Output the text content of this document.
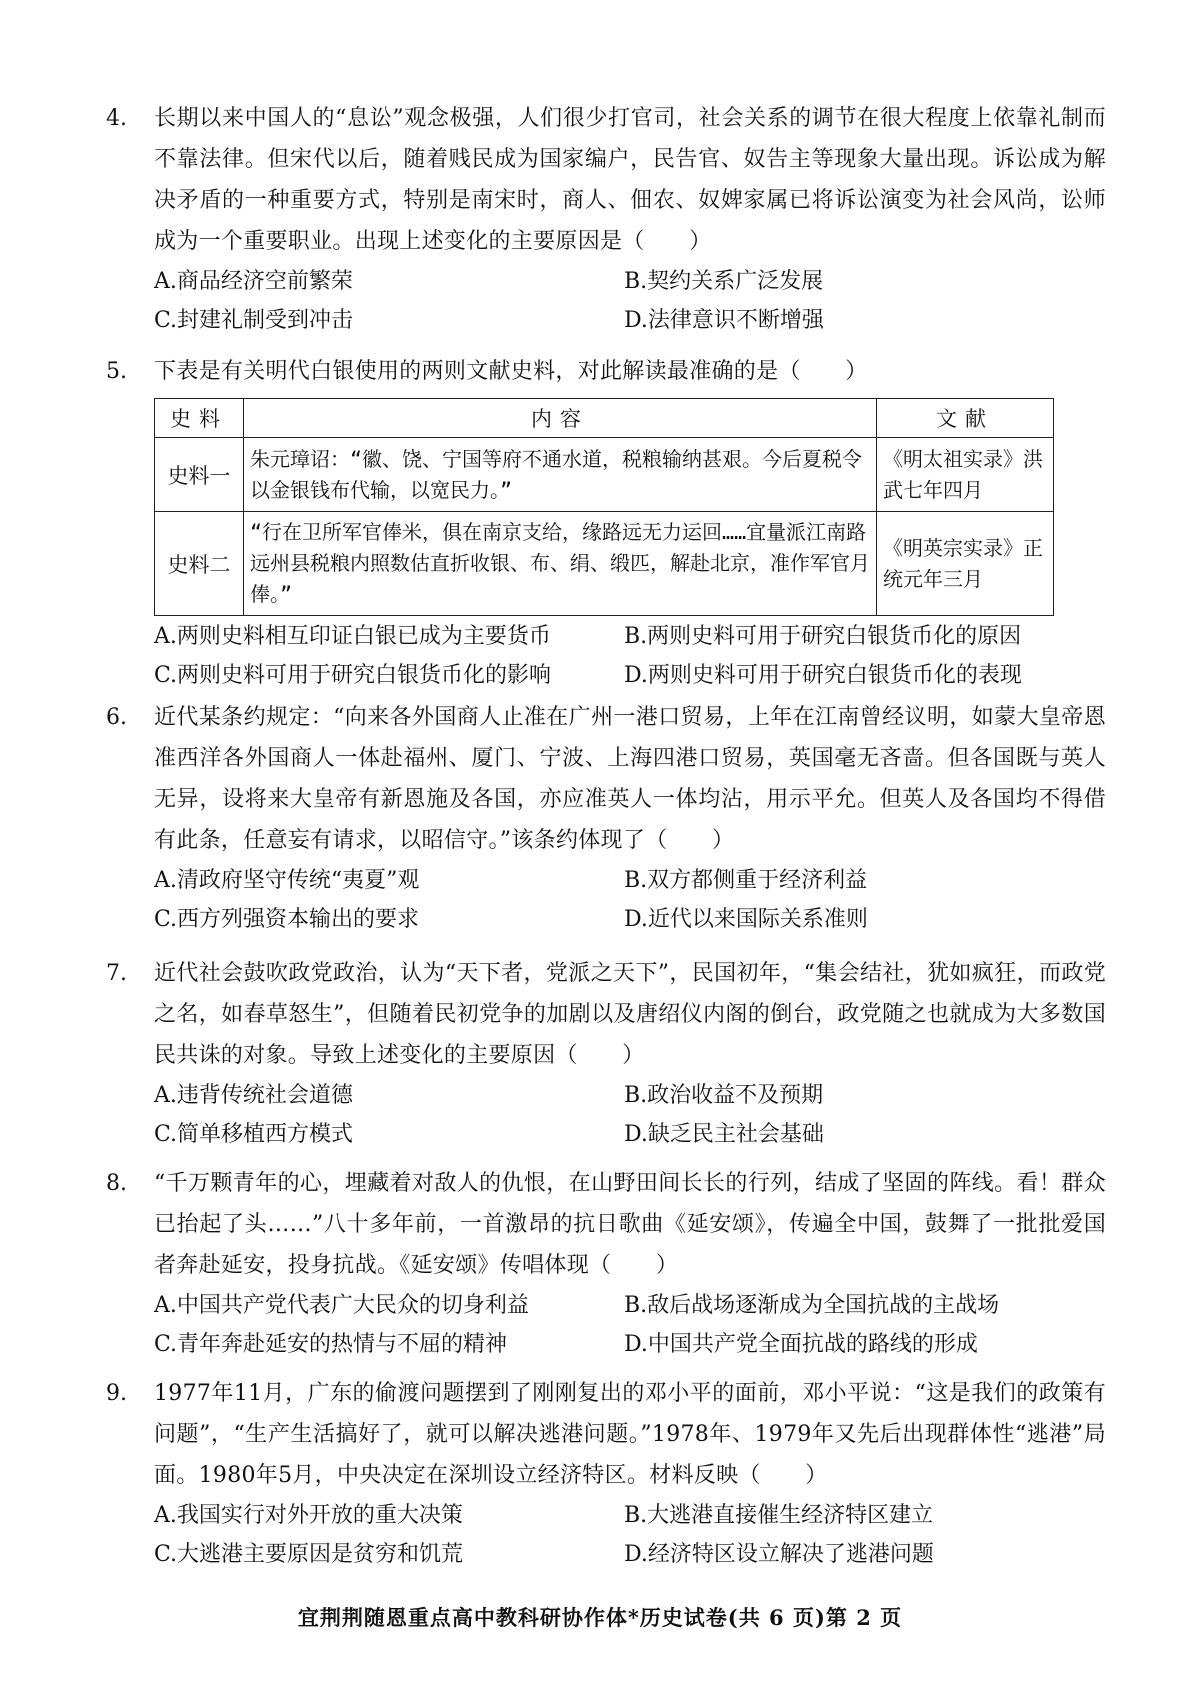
4.	长期以来中国人的“息讼”观念极强，人们很少打官司，社会关系的调节在很大程度上依靠礼制而不靠法律。但宋代以后，随着贱民成为国家编户，民告官、奴告主等现象大量出现。诉讼成为解决矛盾的一种重要方式，特别是南宋时，商人、佃农、奴婢家属已将诉讼演变为社会风尚，讼师成为一个重要职业。出现上述变化的主要原因是（　　）
A.商品经济空前繁荣	B.契约关系广泛发展
C.封建礼制受到冲击	D.法律意识不断增强
5.	下表是有关明代白银使用的两则文献史料，对此解读最准确的是（　　）
史料	内容	文献
史料一	朱元璋诏：“徽、饶、宁国等府不通水道，税粮输纳甚艰。今后夏税令以金银钱布代输，以宽民力。”	《明太祖实录》洪武七年四月
史料二	“行在卫所军官俸米，俱在南京支给，缘路远无力运回……宜量派江南路远州县税粮内照数估直折收银、布、绢、缎匹，解赴北京，准作军官月俸。”	《明英宗实录》正统元年三月
A.两则史料相互印证白银已成为主要货币	B.两则史料可用于研究白银货币化的原因
C.两则史料可用于研究白银货币化的影响	D.两则史料可用于研究白银货币化的表现
6.	近代某条约规定：“向来各外国商人止准在广州一港口贸易，上年在江南曾经议明，如蒙大皇帝恩准西洋各外国商人一体赴福州、厦门、宁波、上海四港口贸易，英国毫无吝啬。但各国既与英人无异，设将来大皇帝有新恩施及各国，亦应准英人一体均沾，用示平允。但英人及各国均不得借有此条，任意妄有请求，以昭信守。”该条约体现了（　　）
A.清政府坚守传统“夷夏”观	B.双方都侧重于经济利益
C.西方列强资本输出的要求	D.近代以来国际关系准则
7.	近代社会鼓吹政党政治，认为“天下者，党派之天下”，民国初年，“集会结社，犹如疯狂，而政党之名，如春草怒生”，但随着民初党争的加剧以及唐绍仪内阁的倒台，政党随之也就成为大多数国民共诛的对象。导致上述变化的主要原因（　　）
A.违背传统社会道德	B.政治收益不及预期
C.简单移植西方模式	D.缺乏民主社会基础
8.	“千万颗青年的心，埋藏着对敌人的仇恨，在山野田间长长的行列，结成了坚固的阵线。看！群众已抬起了头……”八十多年前，一首激昂的抗日歌曲《延安颂》，传遍全中国，鼓舞了一批批爱国者奔赴延安，投身抗战。《延安颂》传唱体现（　　）
A.中国共产党代表广大民众的切身利益	B.敌后战场逐渐成为全国抗战的主战场
C.青年奔赴延安的热情与不屈的精神	D.中国共产党全面抗战的路线的形成
9.	1977年11月，广东的偷渡问题摆到了刚刚复出的邓小平的面前，邓小平说：“这是我们的政策有问题”，“生产生活搞好了，就可以解决逃港问题。”1978年、1979年又先后出现群体性“逃港”局面。1980年5月，中央决定在深圳设立经济特区。材料反映（　　）
A.我国实行对外开放的重大决策	B.大逃港直接催生经济特区建立
C.大逃港主要原因是贫穷和饥荒	D.经济特区设立解决了逃港问题
宜荆荆随恩重点高中教科研协作体*历史试卷(共 6 页)第 2 页
